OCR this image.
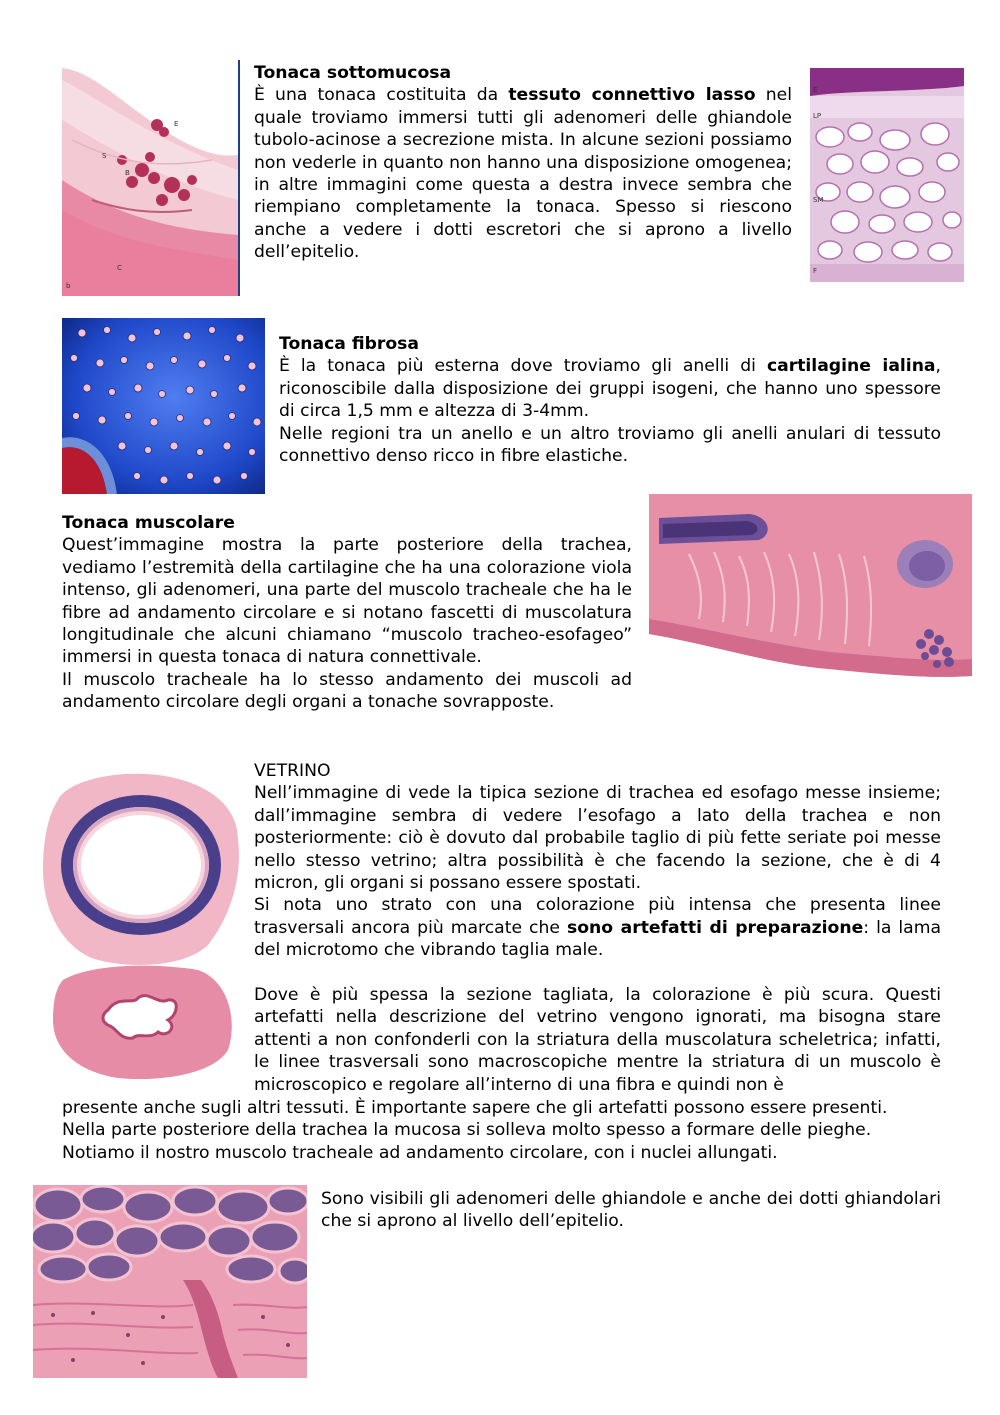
E
S
B
C
b
Tonaca sottomucosa

È una tonaca costituita da tessuto connettivo lasso nel quale troviamo immersi tutti gli adenomeri delle ghiandole tubolo-acinose a secrezione mista. In alcune sezioni possiamo non vederle in quanto non hanno una disposizione omogenea; in altre immagini come questa a destra invece sembra che riempiano completamente la tonaca. Spesso si riescono anche a vedere i dotti escretori che si aprono a livello dell’epitelio.

E
LP
SM
F
Tonaca fibrosa

È la tonaca più esterna dove troviamo gli anelli di cartilagine ialina, riconoscibile dalla disposizione dei gruppi isogeni, che hanno uno spessore di circa 1,5 mm e altezza di 3-4mm.

Nelle regioni tra un anello e un altro troviamo gli anelli anulari di tessuto connettivo denso ricco in fibre elastiche.

Tonaca muscolare

Quest’immagine mostra la parte posteriore della trachea, vediamo l’estremità della cartilagine che ha una colorazione viola intenso, gli adenomeri, una parte del muscolo tracheale che ha le fibre ad andamento circolare e si notano fascetti di muscolatura longitudinale che alcuni chiamano “muscolo tracheo-esofageo” immersi in questa tonaca di natura connettivale.

Il muscolo tracheale ha lo stesso andamento dei muscoli ad andamento circolare degli organi a tonache sovrapposte.

VETRINO

Nell’immagine di vede la tipica sezione di trachea ed esofago messe insieme; dall’immagine sembra di vedere l’esofago a lato della trachea e non posteriormente: ciò è dovuto dal probabile taglio di più fette seriate poi messe nello stesso vetrino; altra possibilità è che facendo la sezione, che è di 4 micron, gli organi si possano essere spostati.

Si nota uno strato con una colorazione più intensa che presenta linee trasversali ancora più marcate che sono artefatti di preparazione: la lama del microtomo che vibrando taglia male.

Dove è più spessa la sezione tagliata, la colorazione è più scura. Questi artefatti nella descrizione del vetrino vengono ignorati, ma bisogna stare attenti a non confonderli con la striatura della muscolatura scheletrica; infatti, le linee trasversali sono macroscopiche mentre la striatura di un muscolo è microscopico e regolare all’interno di una fibra e quindi non è

presente anche sugli altri tessuti. È importante sapere che gli artefatti possono essere presenti.

Nella parte posteriore della trachea la mucosa si solleva molto spesso a formare delle pieghe.

Notiamo il nostro muscolo tracheale ad andamento circolare, con i nuclei allungati.

Sono visibili gli adenomeri delle ghiandole e anche dei dotti ghiandolari che si aprono al livello dell’epitelio.
